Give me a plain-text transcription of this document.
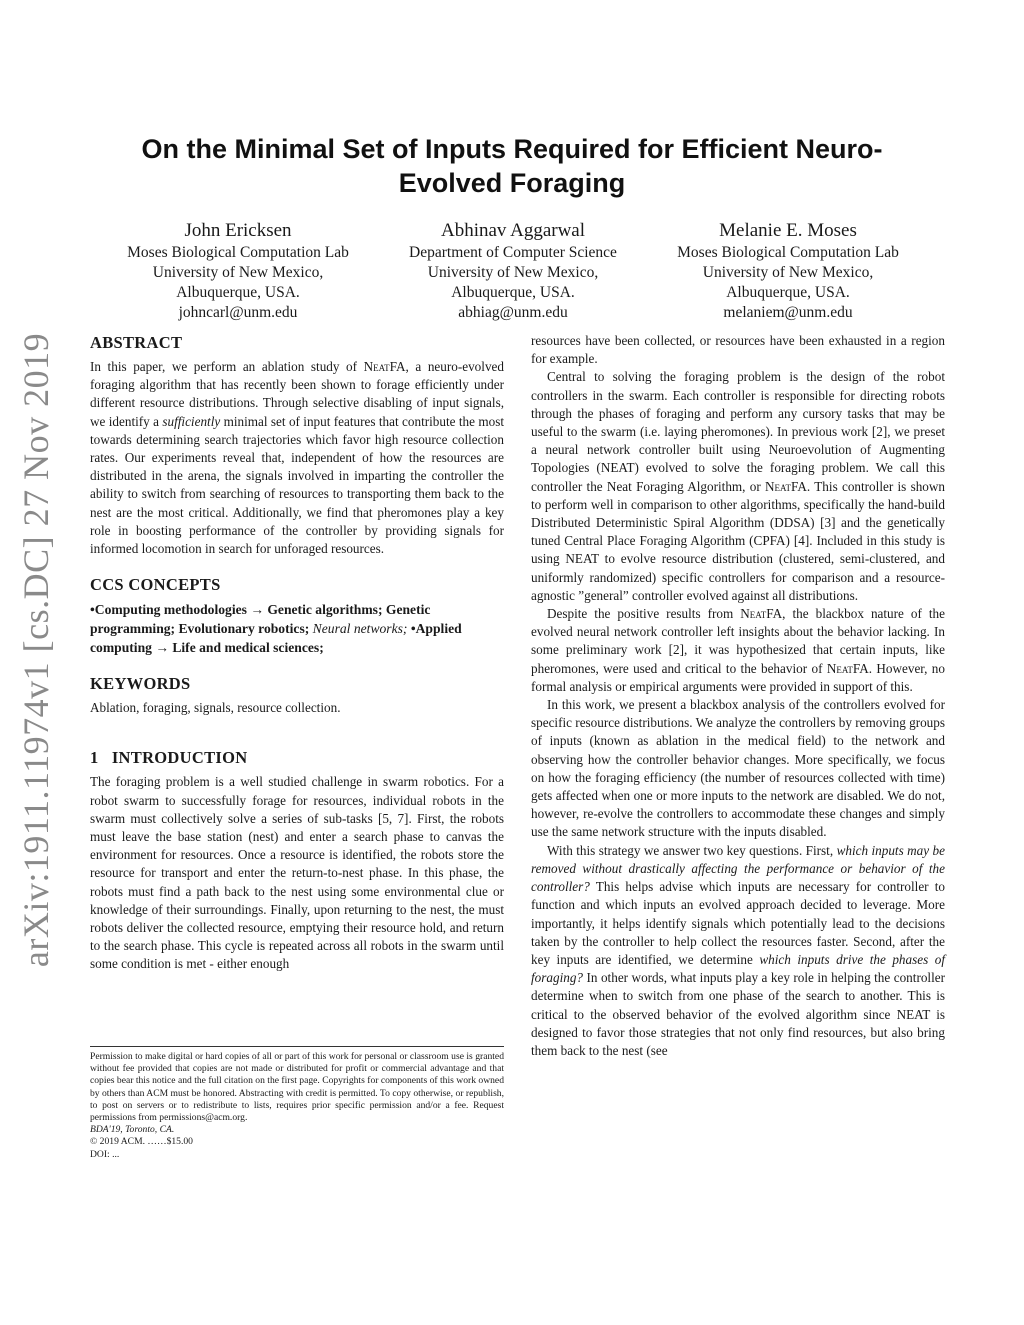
arXiv:1911.11974v1 [cs.DC] 27 Nov 2019
On the Minimal Set of Inputs Required for Efficient Neuro-Evolved Foraging
John Ericksen
Moses Biological Computation Lab
University of New Mexico,
Albuquerque, USA.
johncarl@unm.edu
Abhinav Aggarwal
Department of Computer Science
University of New Mexico,
Albuquerque, USA.
abhiag@unm.edu
Melanie E. Moses
Moses Biological Computation Lab
University of New Mexico,
Albuquerque, USA.
melaniem@unm.edu
ABSTRACT

In this paper, we perform an ablation study of NeatFA, a neuro-evolved foraging algorithm that has recently been shown to forage efficiently under different resource distributions. Through selective disabling of input signals, we identify a sufficiently minimal set of input features that contribute the most towards determining search trajectories which favor high resource collection rates. Our experiments reveal that, independent of how the resources are distributed in the arena, the signals involved in imparting the controller the ability to switch from searching of resources to transporting them back to the nest are the most critical. Additionally, we find that pheromones play a key role in boosting performance of the controller by providing signals for informed locomotion in search for unforaged resources.

CCS CONCEPTS

•Computing methodologies → Genetic algorithms; Genetic programming; Evolutionary robotics; Neural networks; •Applied computing → Life and medical sciences;

KEYWORDS

Ablation, foraging, signals, resource collection.

1   INTRODUCTION

The foraging problem is a well studied challenge in swarm robotics. For a robot swarm to successfully forage for resources, individual robots in the swarm must collectively solve a series of sub-tasks [5, 7]. First, the robots must leave the base station (nest) and enter a search phase to canvas the environment for resources. Once a resource is identified, the robots store the resource for transport and enter the return-to-nest phase. In this phase, the robots must find a path back to the nest using some environmental clue or knowledge of their surroundings. Finally, upon returning to the nest, the must robots deliver the collected resource, emptying their resource hold, and return to the search phase. This cycle is repeated across all robots in the swarm until some condition is met - either enough

resources have been collected, or resources have been exhausted in a region for example.

Central to solving the foraging problem is the design of the robot controllers in the swarm. Each controller is responsible for directing robots through the phases of foraging and perform any cursory tasks that may be useful to the swarm (i.e. laying pheromones). In previous work [2], we preset a neural network controller built using Neuroevolution of Augmenting Topologies (NEAT) evolved to solve the foraging problem. We call this controller the Neat Foraging Algorithm, or NeatFA. This controller is shown to perform well in comparison to other algorithms, specifically the hand-build Distributed Deterministic Spiral Algorithm (DDSA) [3] and the genetically tuned Central Place Foraging Algorithm (CPFA) [4]. Included in this study is using NEAT to evolve resource distribution (clustered, semi-clustered, and uniformly randomized) specific controllers for comparison and a resource-agnostic ”general” controller evolved against all distributions.

Despite the positive results from NeatFA, the blackbox nature of the evolved neural network controller left insights about the behavior lacking. In some preliminary work [2], it was hypothesized that certain inputs, like pheromones, were used and critical to the behavior of NeatFA. However, no formal analysis or empirical arguments were provided in support of this.

In this work, we present a blackbox analysis of the controllers evolved for specific resource distributions. We analyze the controllers by removing groups of inputs (known as ablation in the medical field) to the network and observing how the controller behavior changes. More specifically, we focus on how the foraging efficiency (the number of resources collected with time) gets affected when one or more inputs to the network are disabled. We do not, however, re-evolve the controllers to accommodate these changes and simply use the same network structure with the inputs disabled.

With this strategy we answer two key questions. First, which inputs may be removed without drastically affecting the performance or behavior of the controller? This helps advise which inputs are necessary for controller to function and which inputs an evolved approach decided to leverage. More importantly, it helps identify signals which potentially lead to the decisions taken by the controller to help collect the resources faster. Second, after the key inputs are identified, we determine which inputs drive the phases of foraging? In other words, what inputs play a key role in helping the controller determine when to switch from one phase of the search to another. This is critical to the observed behavior of the evolved algorithm since NEAT is designed to favor those strategies that not only find resources, but also bring them back to the nest (see

Permission to make digital or hard copies of all or part of this work for personal or classroom use is granted without fee provided that copies are not made or distributed for profit or commercial advantage and that copies bear this notice and the full citation on the first page. Copyrights for components of this work owned by others than ACM must be honored. Abstracting with credit is permitted. To copy otherwise, or republish, to post on servers or to redistribute to lists, requires prior specific permission and/or a fee. Request permissions from permissions@acm.org.

BDA'19, Toronto, CA.

© 2019 ACM. ……$15.00

DOI: ...
